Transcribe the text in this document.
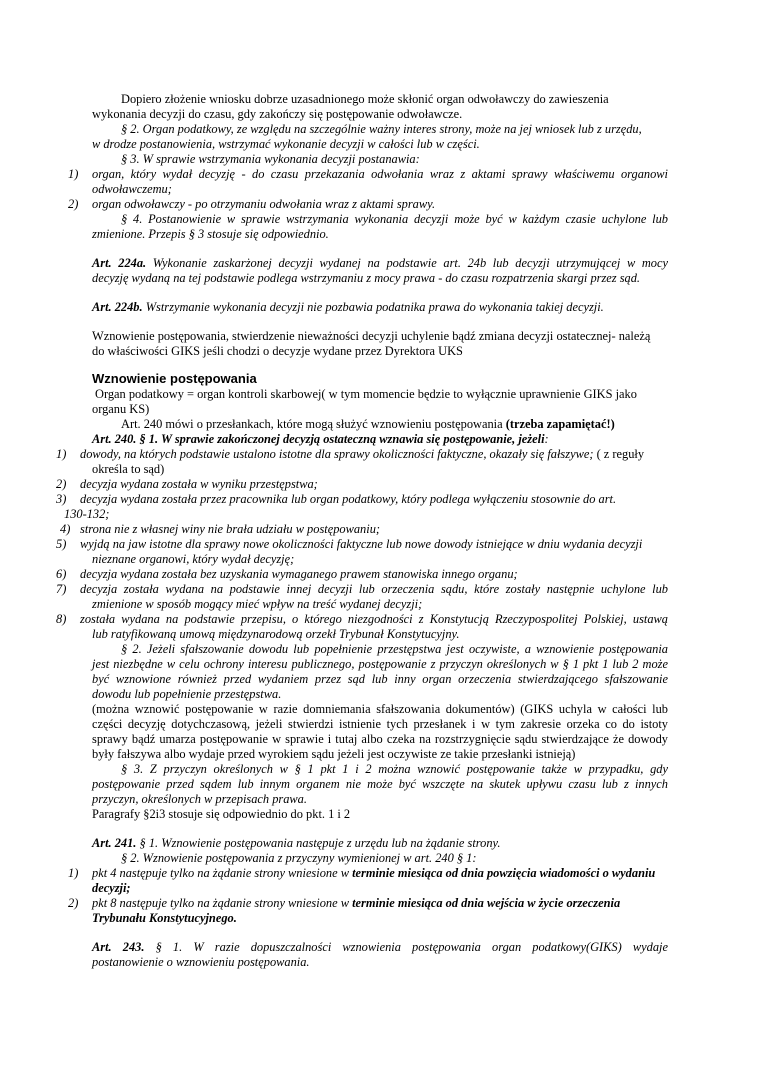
Dopiero złożenie wniosku dobrze uzasadnionego może skłonić organ odwoławczy do zawieszenia
wykonania decyzji do czasu, gdy zakończy się postępowanie odwoławcze.
§ 2. Organ podatkowy, ze względu na szczególnie ważny interes strony, może na jej wniosek lub z urzędu,
w drodze postanowienia, wstrzymać wykonanie decyzji w całości lub w części.
§ 3. W sprawie wstrzymania wykonania decyzji postanawia:
1) organ, który wydał decyzję - do czasu przekazania odwołania wraz z aktami sprawy właściwemu organowi
odwoławczemu;
2) organ odwoławczy - po otrzymaniu odwołania wraz z aktami sprawy.
§ 4. Postanowienie w sprawie wstrzymania wykonania decyzji może być w każdym czasie uchylone lub
zmienione. Przepis § 3 stosuje się odpowiednio.
Art. 224a. Wykonanie zaskarżonej decyzji wydanej na podstawie art. 24b lub decyzji utrzymującej w mocy
decyzję wydaną na tej podstawie podlega wstrzymaniu z mocy prawa - do czasu rozpatrzenia skargi przez sąd.
Art. 224b. Wstrzymanie wykonania decyzji nie pozbawia podatnika prawa do wykonania takiej decyzji.
Wznowienie postępowania, stwierdzenie nieważności decyzji uchylenie bądź zmiana decyzji ostatecznej- należą
do właściwości GIKS jeśli chodzi o decyzje wydane przez Dyrektora UKS
Wznowienie postępowania
Organ podatkowy = organ kontroli skarbowej( w tym momencie będzie to wyłącznie uprawnienie GIKS jako
organu KS)
Art. 240 mówi o przesłankach, które mogą służyć wznowieniu postępowania (trzeba zapamiętać!)
Art. 240. § 1. W sprawie zakończonej decyzją ostateczną wznawia się postępowanie, jeżeli:
1) dowody, na których podstawie ustalono istotne dla sprawy okoliczności faktyczne, okazały się fałszywe; ( z reguły
określa to sąd)
2) decyzja wydana została w wyniku przestępstwa;
3) decyzja wydana została przez pracownika lub organ podatkowy, który podlega wyłączeniu stosownie do art.
130-132;
4) strona nie z własnej winy nie brała udziału w postępowaniu;
5) wyjdą na jaw istotne dla sprawy nowe okoliczności faktyczne lub nowe dowody istniejące w dniu wydania decyzji
nieznane organowi, który wydał decyzję;
6) decyzja wydana została bez uzyskania wymaganego prawem stanowiska innego organu;
7) decyzja została wydana na podstawie innej decyzji lub orzeczenia sądu, które zostały następnie uchylone lub
zmienione w sposób mogący mieć wpływ na treść wydanej decyzji;
8) została wydana na podstawie przepisu, o którego niezgodności z Konstytucją Rzeczypospolitej Polskiej, ustawą
lub ratyfikowaną umową międzynarodową orzekł Trybunał Konstytucyjny.
§ 2. Jeżeli sfałszowanie dowodu lub popełnienie przestępstwa jest oczywiste, a wznowienie postępowania
jest niezbędne w celu ochrony interesu publicznego, postępowanie z przyczyn określonych w § 1 pkt 1 lub 2 może
być wznowione również przed wydaniem przez sąd lub inny organ orzeczenia stwierdzającego sfałszowanie
dowodu lub popełnienie przestępstwa.
(można wznowić postępowanie w razie domniemania sfałszowania dokumentów) (GIKS uchyla w całości lub
części decyzję dotychczasową, jeżeli stwierdzi istnienie tych przesłanek i w tym zakresie orzeka co do istoty
sprawy bądź umarza postępowanie w sprawie i tutaj albo czeka na rozstrzygnięcie sądu stwierdzające że dowody
były fałszywa albo wydaje przed wyrokiem sądu jeżeli jest oczywiste ze takie przesłanki istnieją)
§ 3. Z przyczyn określonych w § 1 pkt 1 i 2 można wznowić postępowanie także w przypadku, gdy
postępowanie przed sądem lub innym organem nie może być wszczęte na skutek upływu czasu lub z innych
przyczyn, określonych w przepisach prawa.
Paragrafy §2i3 stosuje się odpowiednio do pkt. 1 i 2
Art. 241. § 1. Wznowienie postępowania następuje z urzędu lub na żądanie strony.
§ 2. Wznowienie postępowania z przyczyny wymienionej w art. 240 § 1:
1) pkt 4 następuje tylko na żądanie strony wniesione w terminie miesiąca od dnia powzięcia wiadomości o wydaniu
decyzji;
2) pkt 8 następuje tylko na żądanie strony wniesione w terminie miesiąca od dnia wejścia w życie orzeczenia
Trybunału Konstytucyjnego.
Art. 243. § 1. W razie dopuszczalności wznowienia postępowania organ podatkowy(GIKS) wydaje
postanowienie o wznowieniu postępowania.
